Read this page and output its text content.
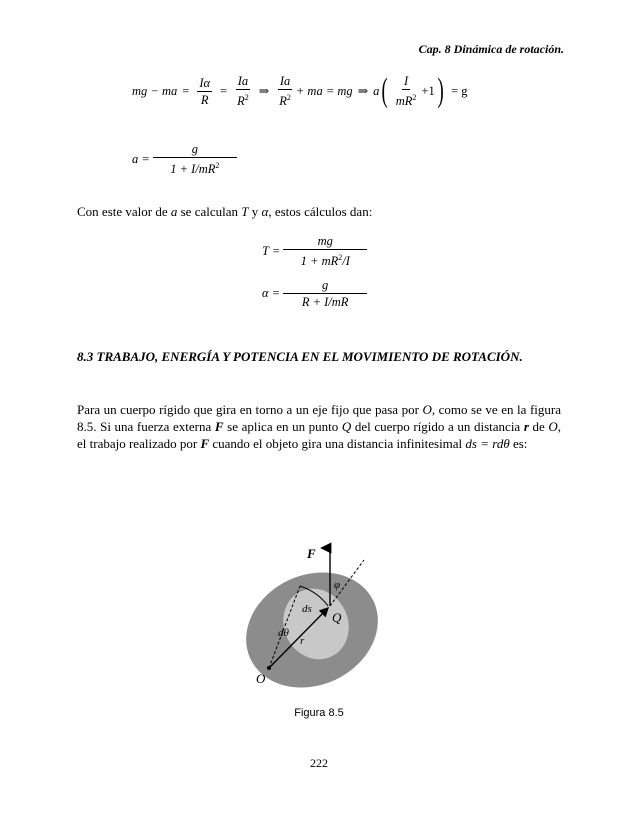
Cap. 8 Dinámica de rotación.
mg − ma = $\frac{I\alpha}{R} = \frac{Ia}{R^2}$ ⇒ $\frac{Ia}{R^2}$ + ma = mg ⇒ a ( $\frac{I}{mR^2} +1$ ) = g
$a = \frac{g}{1 + I/mR^2}$
Con este valor de a se calculan T y α, estos cálculos dan:
$T = \frac{mg}{1 + mR^2/I}$
$\alpha = \frac{g}{R + I/mR}$
8.3 TRABAJO, ENERGÍA Y POTENCIA EN EL MOVIMIENTO DE ROTACIÓN.
Para un cuerpo rígido que gira en torno a un eje fijo que pasa por O, como se ve en la figura 8.5. Si una fuerza externa F se aplica en un punto Q del cuerpo rígido a un distancia r de O, el trabajo realizado por F cuando el objeto gira una distancia infinitesimal ds = rdθ es:
F
φ
ds
Q
dθ
r
O
Figura 8.5
222
